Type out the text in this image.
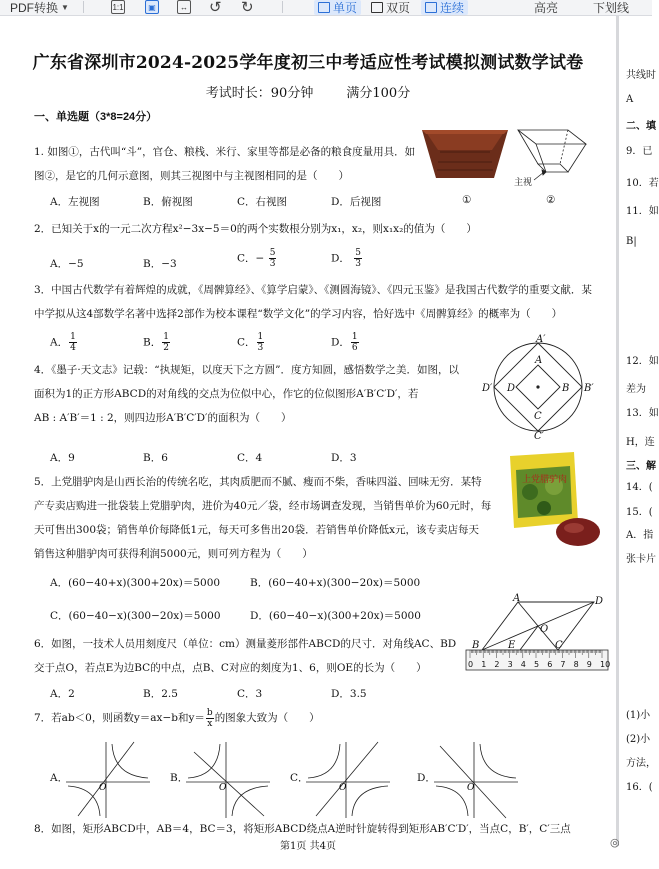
PDF转换 ▼	1:1	▣	↔ ↺ ↻	单页 双页 连续	高亮	下划线
广东省深圳市2024-2025学年度初三中考适应性考试模拟测试数学试卷
考试时长：90分钟        满分100分
一、单选题（3*8=24分）
1. 如图①，古代叫“斗”，官仓、粮栈、米行、家里等都是必备的粮食度量用具．如
图②，是它的几何示意图，则其三视图中与主视图相同的是（　　）
A．左视图	B．俯视图	C．右视图	D．后视图	①
主视
②
2．已知关于x的一元二次方程x²−3x−5＝0的两个实数根分别为x₁，x₂，则x₁x₂的值为（　　）
A．−5	B．−3	C．− $\frac{5}{3}$	D． $\frac{5}{3}$
3．中国古代数学有着辉煌的成就，《周髀算经》、《算学启蒙》、《测圆海镜》、《四元玉鉴》是我国古代数学的重要文献．某
中学拟从这4部数学名著中选择2部作为校本课程“数学文化”的学习内容，恰好选中《周髀算经》的概率为（　　）
A． $\frac{1}{4}$	B． $\frac{1}{2}$	C． $\frac{1}{3}$	D． $\frac{1}{6}$
4．《墨子·天文志》记载：“执规矩，以度天下之方圆”．度方知圆，感悟数学之美．如图，以
面积为1的正方形ABCD的对角线的交点为位似中心，作它的位似图形A′B′C′D′，若
AB : A′B′＝1 : 2，则四边形A′B′C′D′的面积为（　　）
A．9	B．6	C．4	D．3
A′
A
D′ D	B B′
C
C′
5．上党腊驴肉是山西长治的传统名吃，其肉质肥而不腻、瘦而不柴，香味四溢、回味无穷．某特
产专卖店购进一批袋装上党腊驴肉，进价为40元／袋，经市场调查发现，当销售单价为60元时，每
天可售出300袋；销售单价每降低1元，每天可多售出20袋．若销售单价降低x元，该专卖店每天
销售这种腊驴肉可获得利润5000元，则可列方程为（　　）
A．(60−40+x)(300+20x)＝5000	B．(60−40+x)(300−20x)＝5000
C．(60−40−x)(300−20x)＝5000	D．(60−40−x)(300+20x)＝5000
上党腊驴肉
6．如图，一技术人员用刻度尺（单位：cm）测量菱形部件ABCD的尺寸．对角线AC、BD
交于点O，若点E为边BC的中点，点B、C对应的刻度为1、6，则OE的长为（　　）
A．2	B．2.5	C．3	D．3.5
0 1 2 3 4 5 6 7 8 9 10
A	D
O
B	E	C
7．若ab＜0，则函数y＝ax−b和$y= \frac{b}{x}$ 的图象大致为（　　）
A．	B．	C．	D．
O	O	O	O
8．如图，矩形ABCD中，AB＝4，BC＝3，将矩形ABCD绕点A逆时针旋转得到矩形AB′C′D′，当点C，B′，C′三点
第1页 共4页	◎
共线时
A
二、填
9．已
10．若
11．如
B|
12．如
差为
13．如
H，连
三、解
14．(
15．(
A．指
张卡片
(1)小
(2)小
方法，
16．(
